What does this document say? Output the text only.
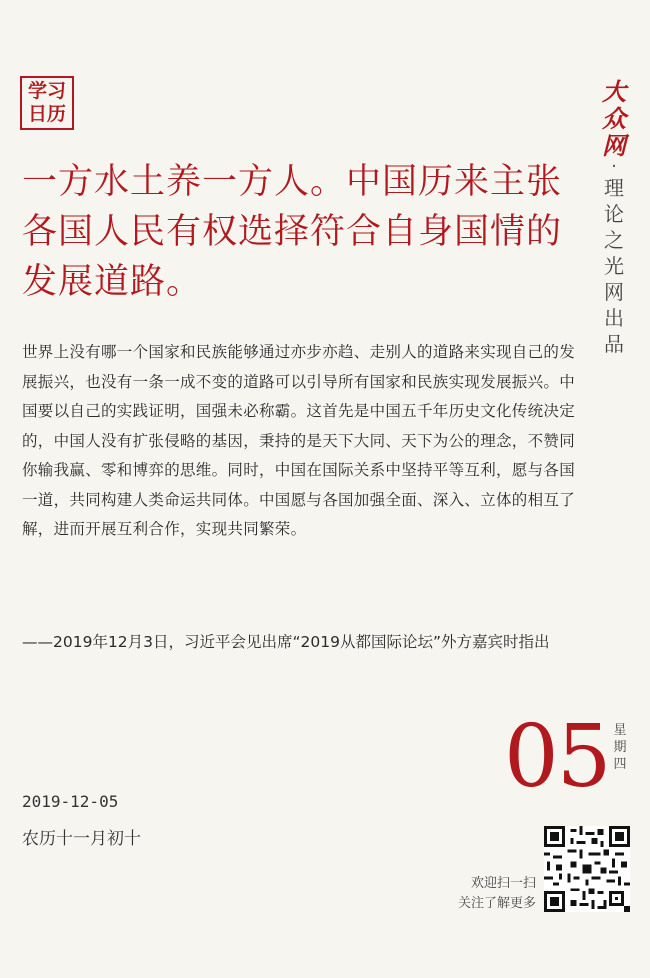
学习
日历
大众网
·
理论之光网出品
一方水土养一方人。中国历来主张各国人民有权选择符合自身国情的发展道路。
世界上没有哪一个国家和民族能够通过亦步亦趋、走别人的道路来实现自己的发展振兴，也没有一条一成不变的道路可以引导所有国家和民族实现发展振兴。中国要以自己的实践证明，国强未必称霸。这首先是中国五千年历史文化传统决定的，中国人没有扩张侵略的基因，秉持的是天下大同、天下为公的理念，不赞同你输我赢、零和博弈的思维。同时，中国在国际关系中坚持平等互利，愿与各国一道，共同构建人类命运共同体。中国愿与各国加强全面、深入、立体的相互了解，进而开展互利合作，实现共同繁荣。
——2019年12月3日，习近平会见出席“2019从都国际论坛”外方嘉宾时指出
05 星期四
2019-12-05
农历十一月初十
欢迎扫一扫
关注了解更多
